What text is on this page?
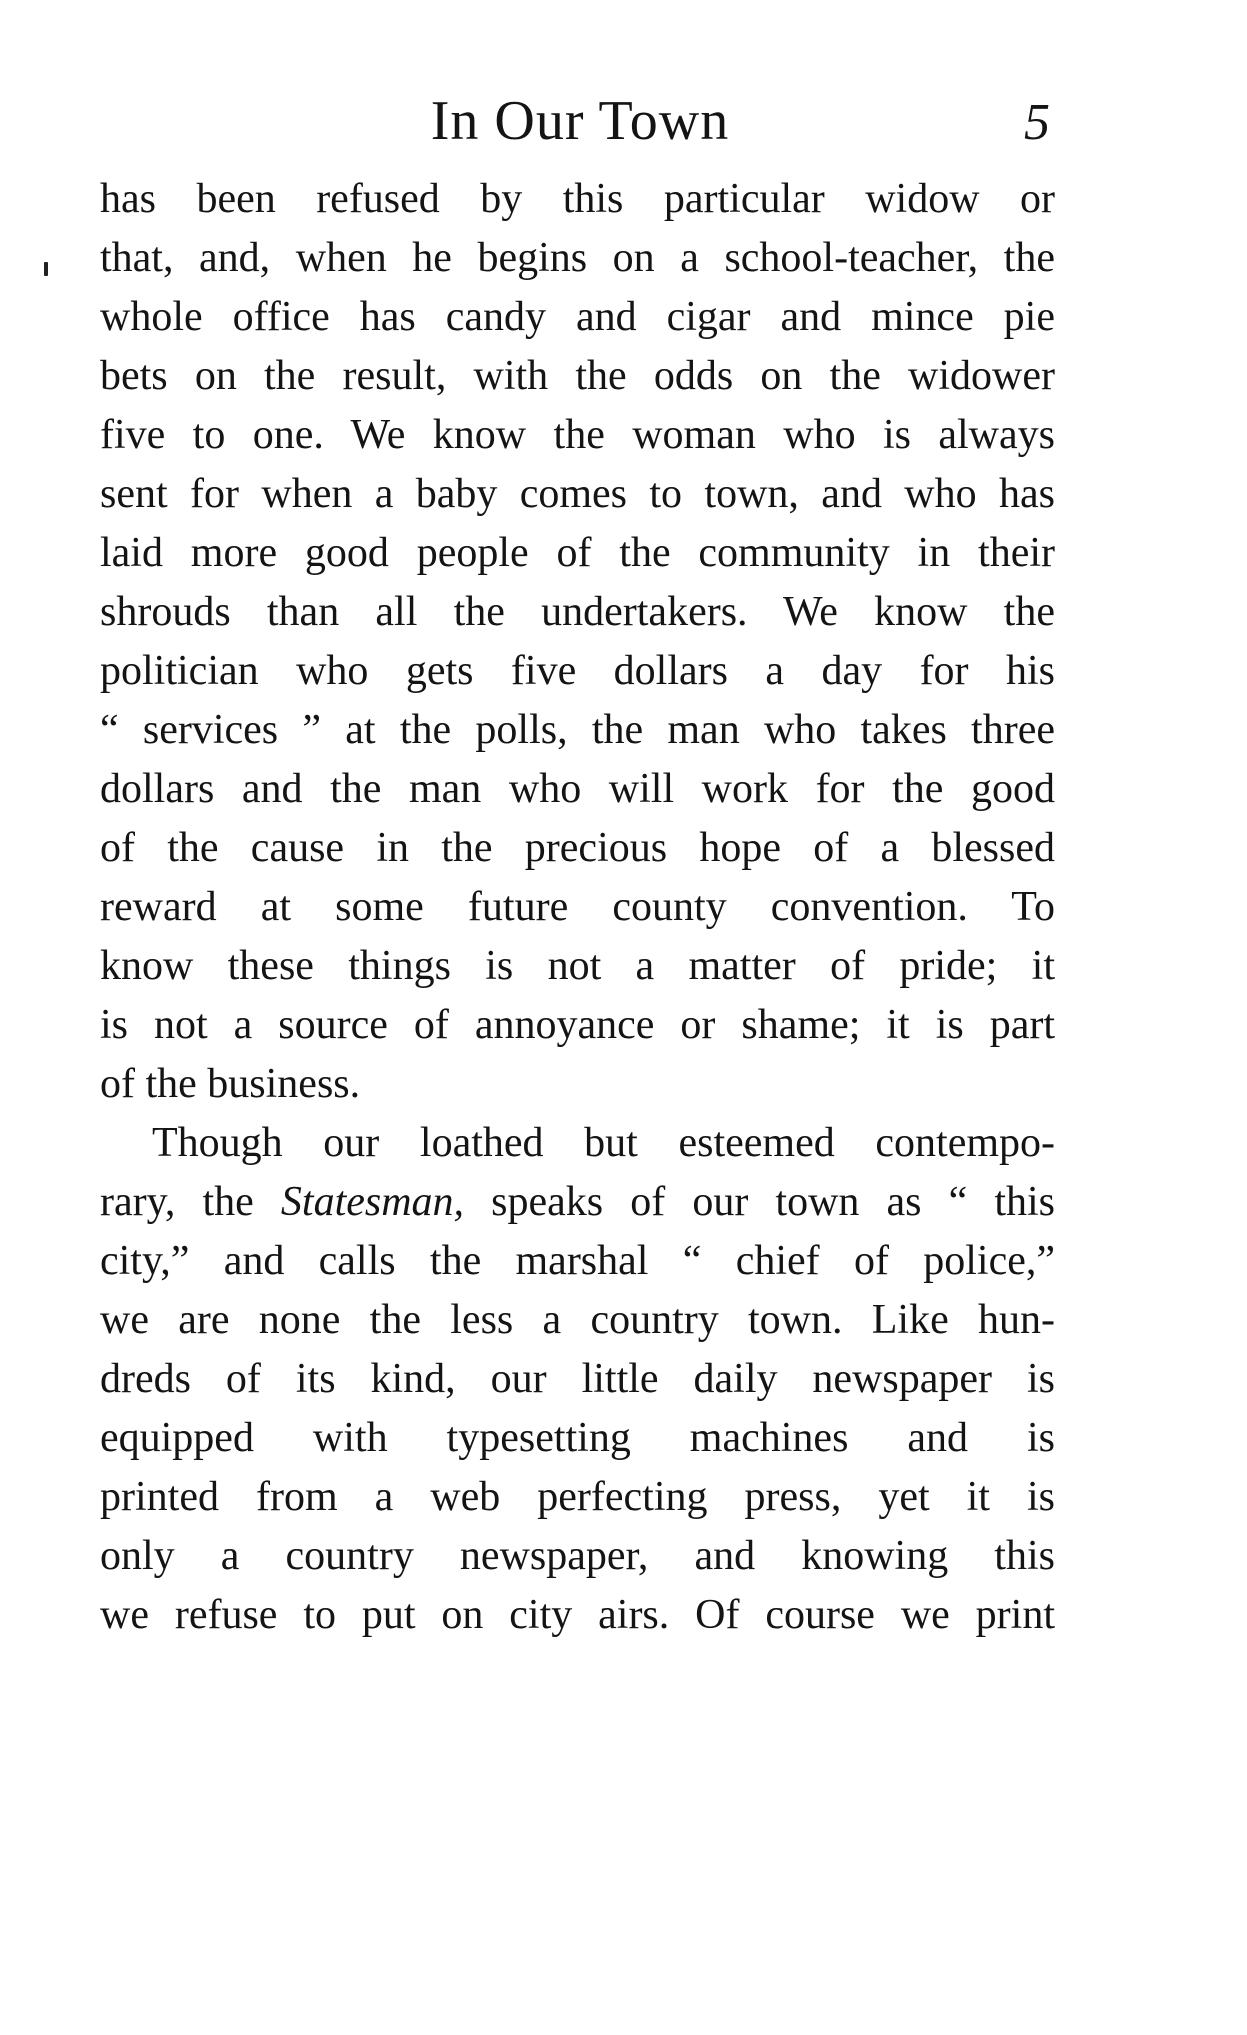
In Our Town	5
has been refused by this particular widow or
that, and, when he begins on a school-teacher, the
whole office has candy and cigar and mince pie
bets on the result, with the odds on the widower
five to one. We know the woman who is always
sent for when a baby comes to town, and who has
laid more good people of the community in their
shrouds than all the undertakers. We know the
politician who gets five dollars a day for his
“ services ” at the polls, the man who takes three
dollars and the man who will work for the good
of the cause in the precious hope of a blessed
reward at some future county convention. To
know these things is not a matter of pride; it
is not a source of annoyance or shame; it is part
of the business.
Though our loathed but esteemed contempo-
rary, the Statesman, speaks of our town as “ this
city,” and calls the marshal “ chief of police,”
we are none the less a country town. Like hun-
dreds of its kind, our little daily newspaper is
equipped with typesetting machines and is
printed from a web perfecting press, yet it is
only a country newspaper, and knowing this
we refuse to put on city airs. Of course we print
